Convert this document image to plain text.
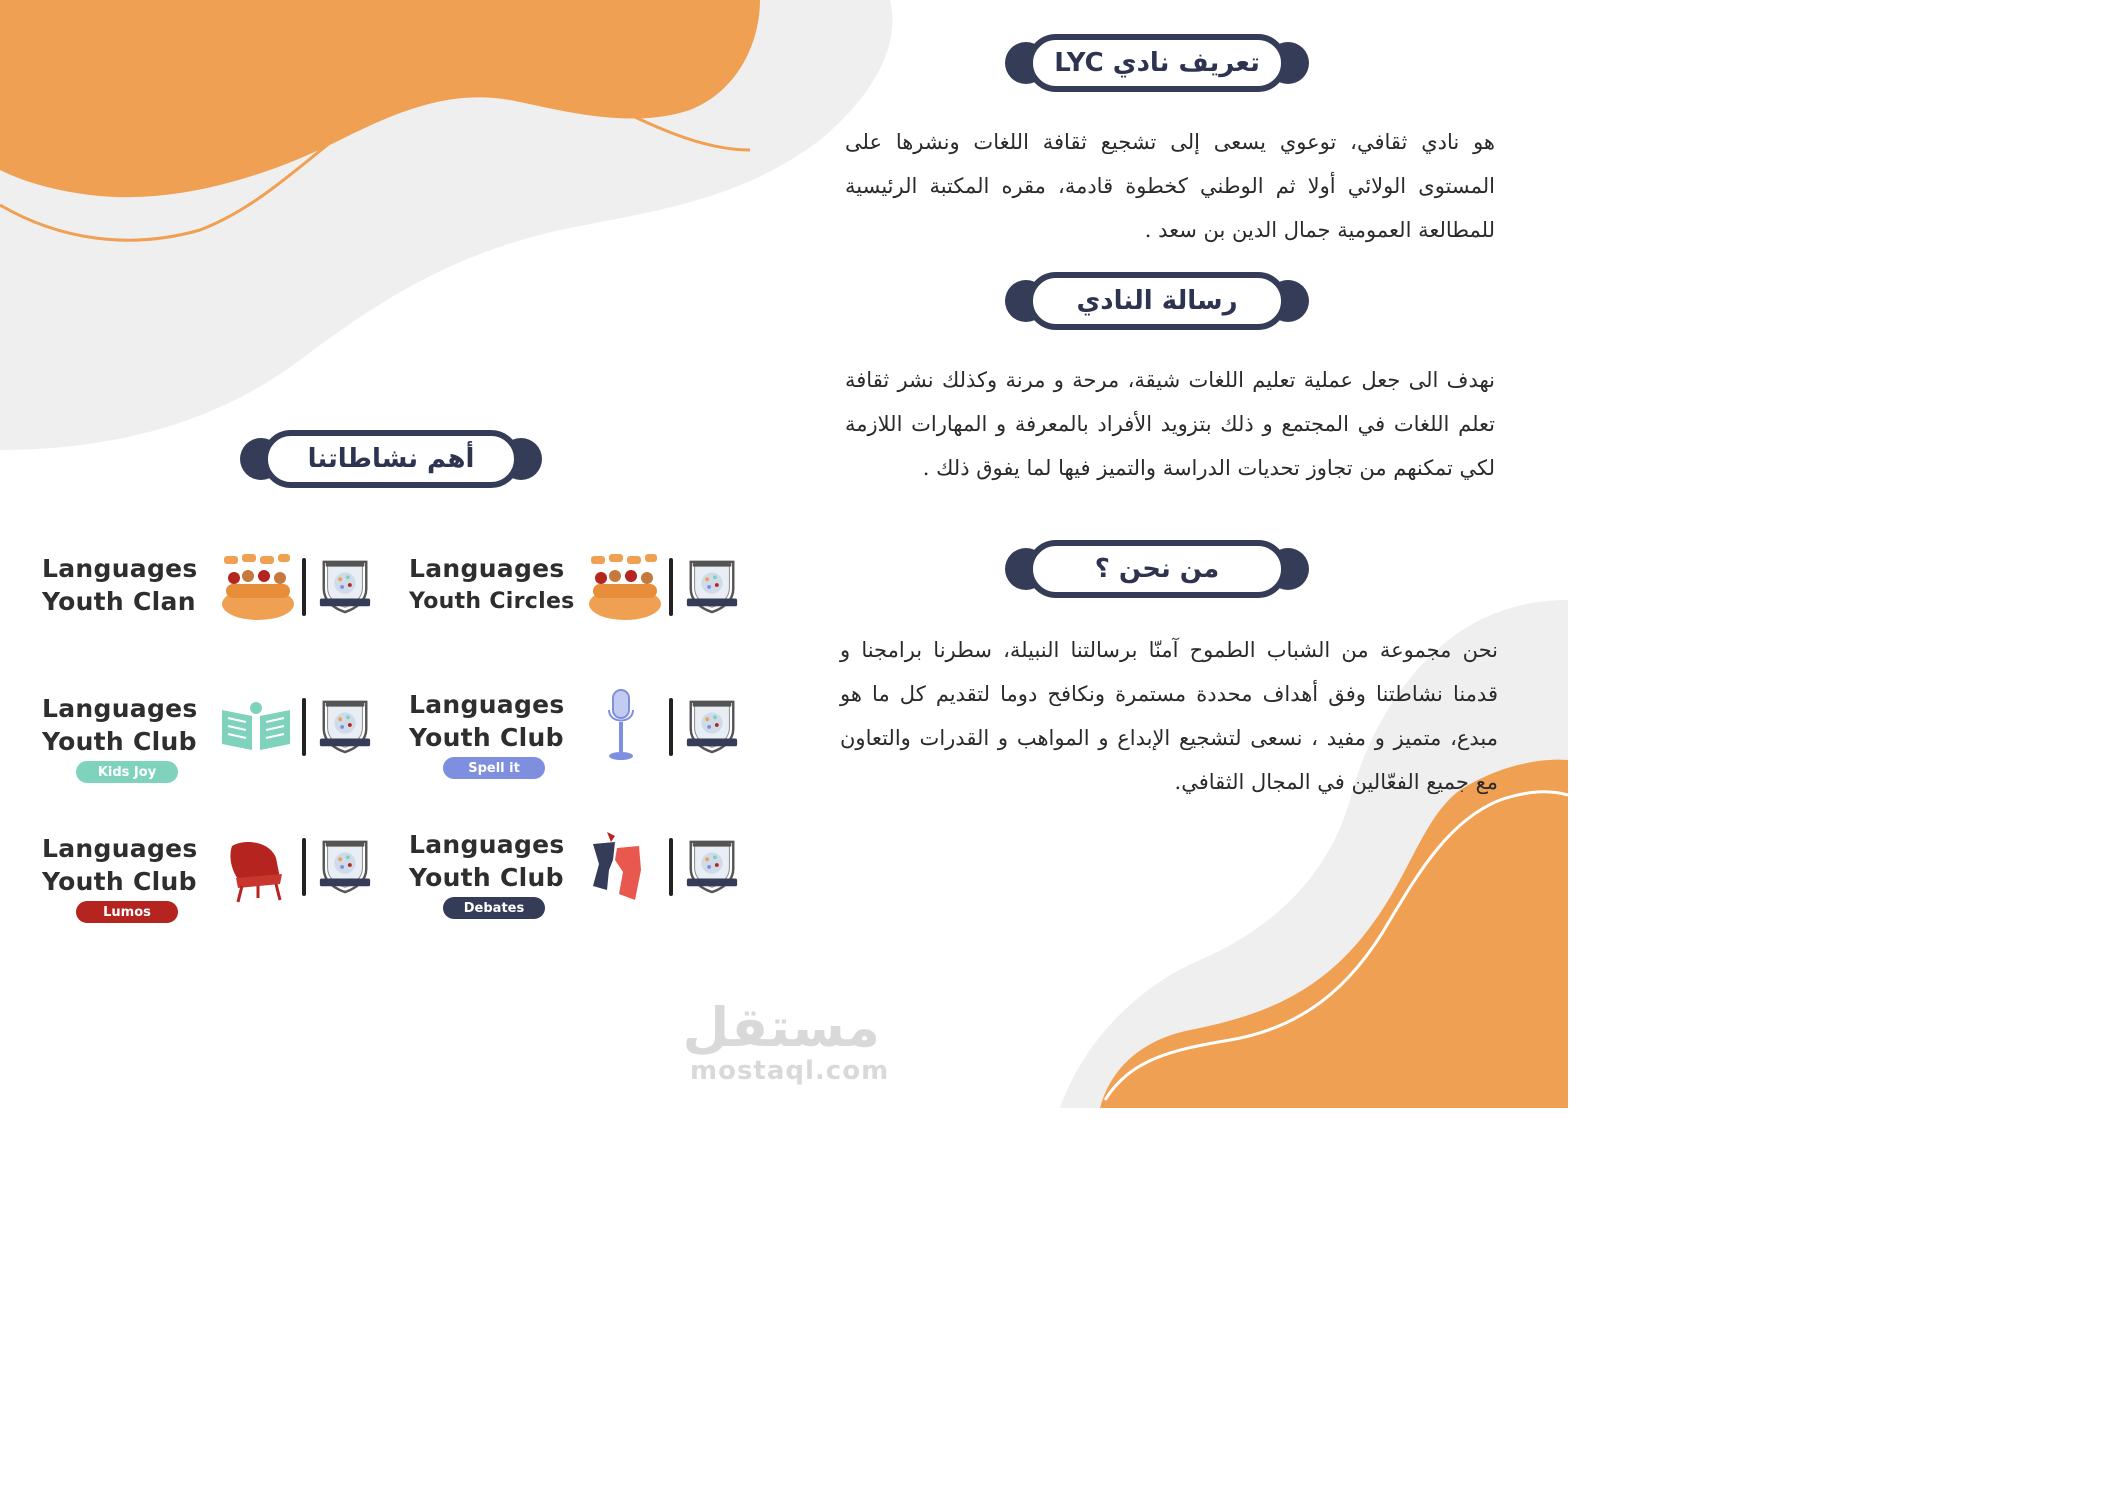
تعريف نادي LYC
هو نادي ثقافي، توعوي يسعى إلى تشجيع ثقافة اللغات ونشرها على المستوى الولائي أولا ثم الوطني كخطوة قادمة، مقره المكتبة الرئيسية للمطالعة العمومية جمال الدين بن سعد .
رسالة النادي
نهدف الى جعل عملية تعليم اللغات شيقة، مرحة و مرنة وكذلك نشر ثقافة تعلم اللغات في المجتمع و ذلك بتزويد الأفراد بالمعرفة و المهارات اللازمة لكي تمكنهم من تجاوز تحديات الدراسة والتميز فيها لما يفوق ذلك .
من نحن ؟
نحن مجموعة من الشباب الطموح آمنّا برسالتنا النبيلة، سطرنا برامجنا و قدمنا نشاطتنا وفق أهداف محددة مستمرة ونكافح دوما لتقديم كل ما هو مبدع، متميز و مفيد ، نسعى لتشجيع الإبداع و المواهب و القدرات والتعاون مع جميع الفعّالين في المجال الثقافي.
أهم نشاطاتنا
Languages
Youth Clan
Languages
Youth Circles
Languages
Youth Club
Kids Joy
Languages
Youth Club
Spell it
Languages
Youth Club
Lumos
Languages
Youth Club
Debates
مستقل
mostaql.com
